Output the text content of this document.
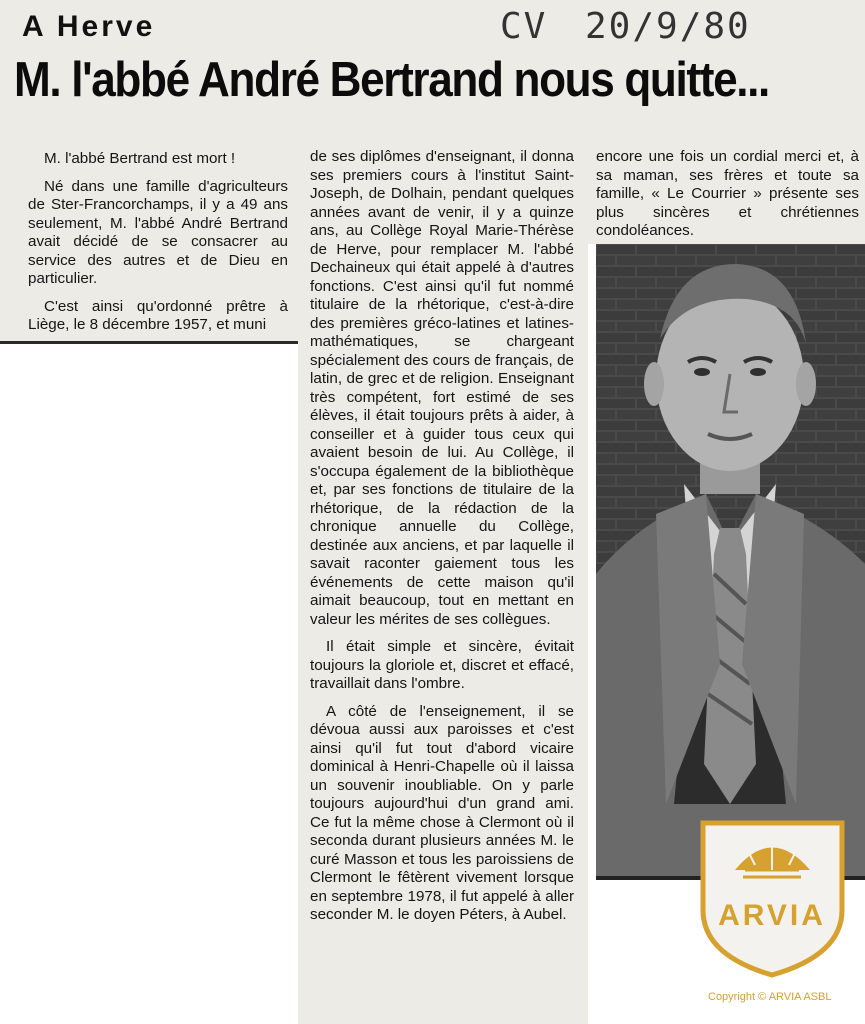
A Herve	CV 20/9/80
M. l'abbé André Bertrand nous quitte...

M. l'abbé Bertrand est mort !

Né dans une famille d'agriculteurs de Ster-Francorchamps, il y a 49 ans seulement, M. l'abbé André Bertrand avait décidé de se consacrer au service des autres et de Dieu en particulier.

C'est ainsi qu'ordonné prêtre à Liège, le 8 décembre 1957, et muni

de ses diplômes d'enseignant, il donna ses premiers cours à l'institut Saint-Joseph, de Dolhain, pendant quelques années avant de venir, il y a quinze ans, au Collège Royal Marie-Thérèse de Herve, pour remplacer M. l'abbé Dechaineux qui était appelé à d'autres fonctions. C'est ainsi qu'il fut nommé titulaire de la rhétorique, c'est-à-dire des premières gréco-latines et latines-mathématiques, se chargeant spécialement des cours de français, de latin, de grec et de religion. Enseignant très compétent, fort estimé de ses élèves, il était toujours prêts à aider, à conseiller et à guider tous ceux qui avaient besoin de lui. Au Collège, il s'occupa également de la bibliothèque et, par ses fonctions de titulaire de la rhétorique, de la rédaction de la chronique annuelle du Collège, destinée aux anciens, et par laquelle il savait raconter gaiement tous les événements de cette maison qu'il aimait beaucoup, tout en mettant en valeur les mérites de ses collègues.

Il était simple et sincère, évitait toujours la gloriole et, discret et effacé, travaillait dans l'ombre.

A côté de l'enseignement, il se dévoua aussi aux paroisses et c'est ainsi qu'il fut tout d'abord vicaire dominical à Henri-Chapelle où il laissa un souvenir inoubliable. On y parle toujours aujourd'hui d'un grand ami. Ce fut la même chose à Clermont où il seconda durant plusieurs années M. le curé Masson et tous les paroissiens de Clermont le fêtèrent vivement lorsque en septembre 1978, il fut appelé à aller seconder M. le doyen Péters, à Aubel.

encore une fois un cordial merci et, à sa maman, ses frères et toute sa famille, « Le Courrier » présente ses plus sincères et chrétiennes condoléances.

ARVIA
Copyright © ARVIA ASBL
